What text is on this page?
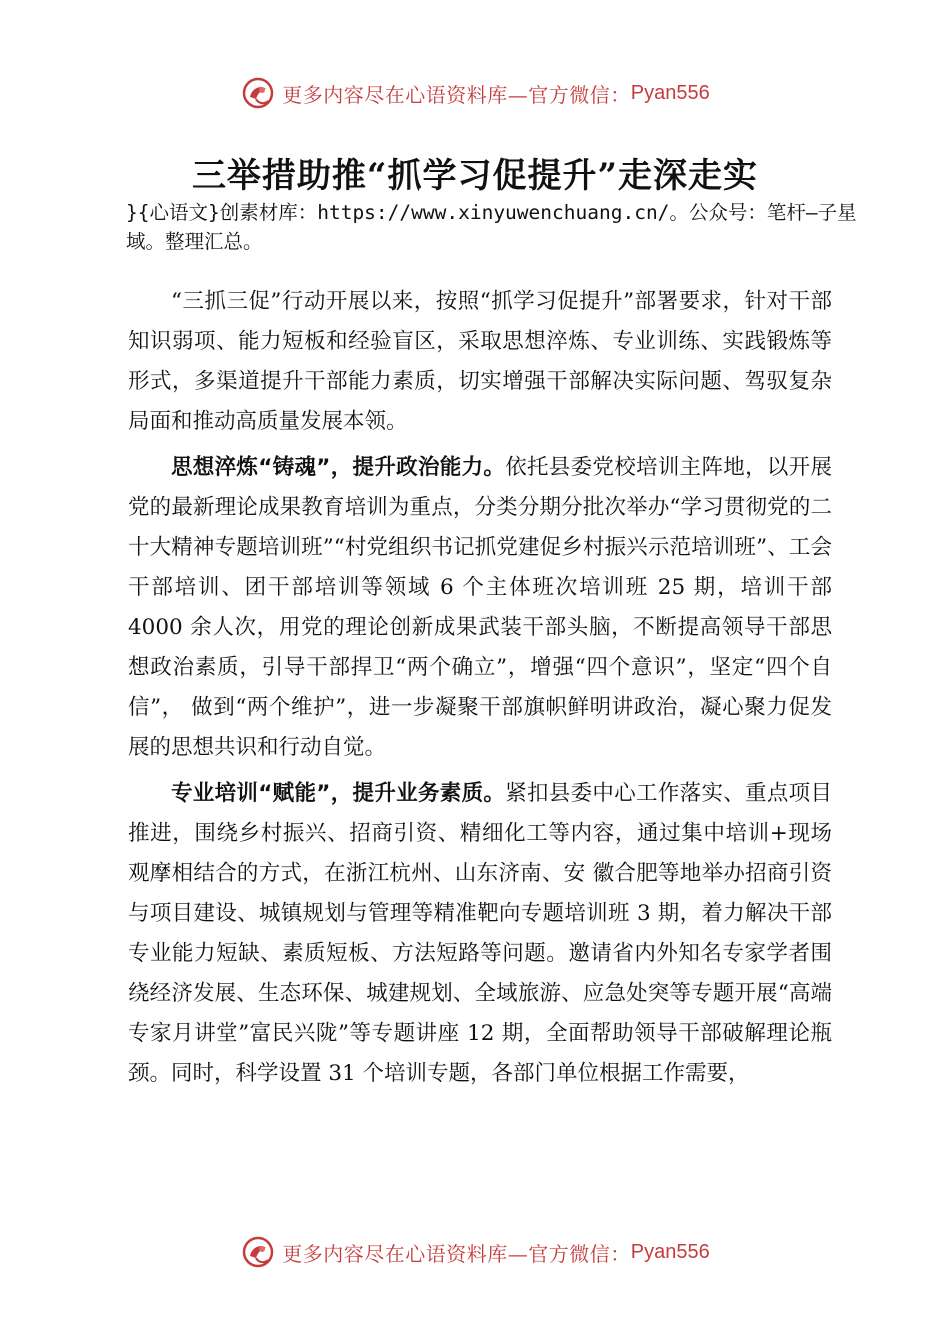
更多内容尽在心语资料库—官方微信： Pyan556
三举措助推“抓学习促提升”走深走实
}{心语文}创素材库：https://www.xinyuwenchuang.cn/。公众号：笔杆—子星域。整理汇总。

“三抓三促”行动开展以来，按照“抓学习促提升”部署要求，针对干部知识弱项、能力短板和经验盲区，采取思想淬炼、专业训练、实践锻炼等形式，多渠道提升干部能力素质，切实增强干部解决实际问题、驾驭复杂局面和推动高质量发展本领。

思想淬炼“铸魂”，提升政治能力。依托县委党校培训主阵地，以开展党的最新理论成果教育培训为重点，分类分期分批次举办“学习贯彻党的二十大精神专题培训班”“村党组织书记抓党建促乡村振兴示范培训班”、工会干部培训、团干部培训等领域 6 个主体班次培训班 25 期，培训干部 4000 余人次，用党的理论创新成果武装干部头脑，不断提高领导干部思想政治素质，引导干部捍卫“两个确立”，增强“四个意识”，坚定“四个自信”， 做到“两个维护”，进一步凝聚干部旗帜鲜明讲政治，凝心聚力促发展的思想共识和行动自觉。

专业培训“赋能”，提升业务素质。紧扣县委中心工作落实、重点项目推进，围绕乡村振兴、招商引资、精细化工等内容，通过集中培训+现场观摩相结合的方式，在浙江杭州、山东济南、安 徽合肥等地举办招商引资与项目建设、城镇规划与管理等精准靶向专题培训班 3 期，着力解决干部专业能力短缺、素质短板、方法短路等问题。邀请省内外知名专家学者围绕经济发展、生态环保、城建规划、全域旅游、应急处突等专题开展“高端专家月讲堂”富民兴陇”等专题讲座 12 期，全面帮助领导干部破解理论瓶颈。同时，科学设置 31 个培训专题，各部门单位根据工作需要，

更多内容尽在心语资料库—官方微信： Pyan556
